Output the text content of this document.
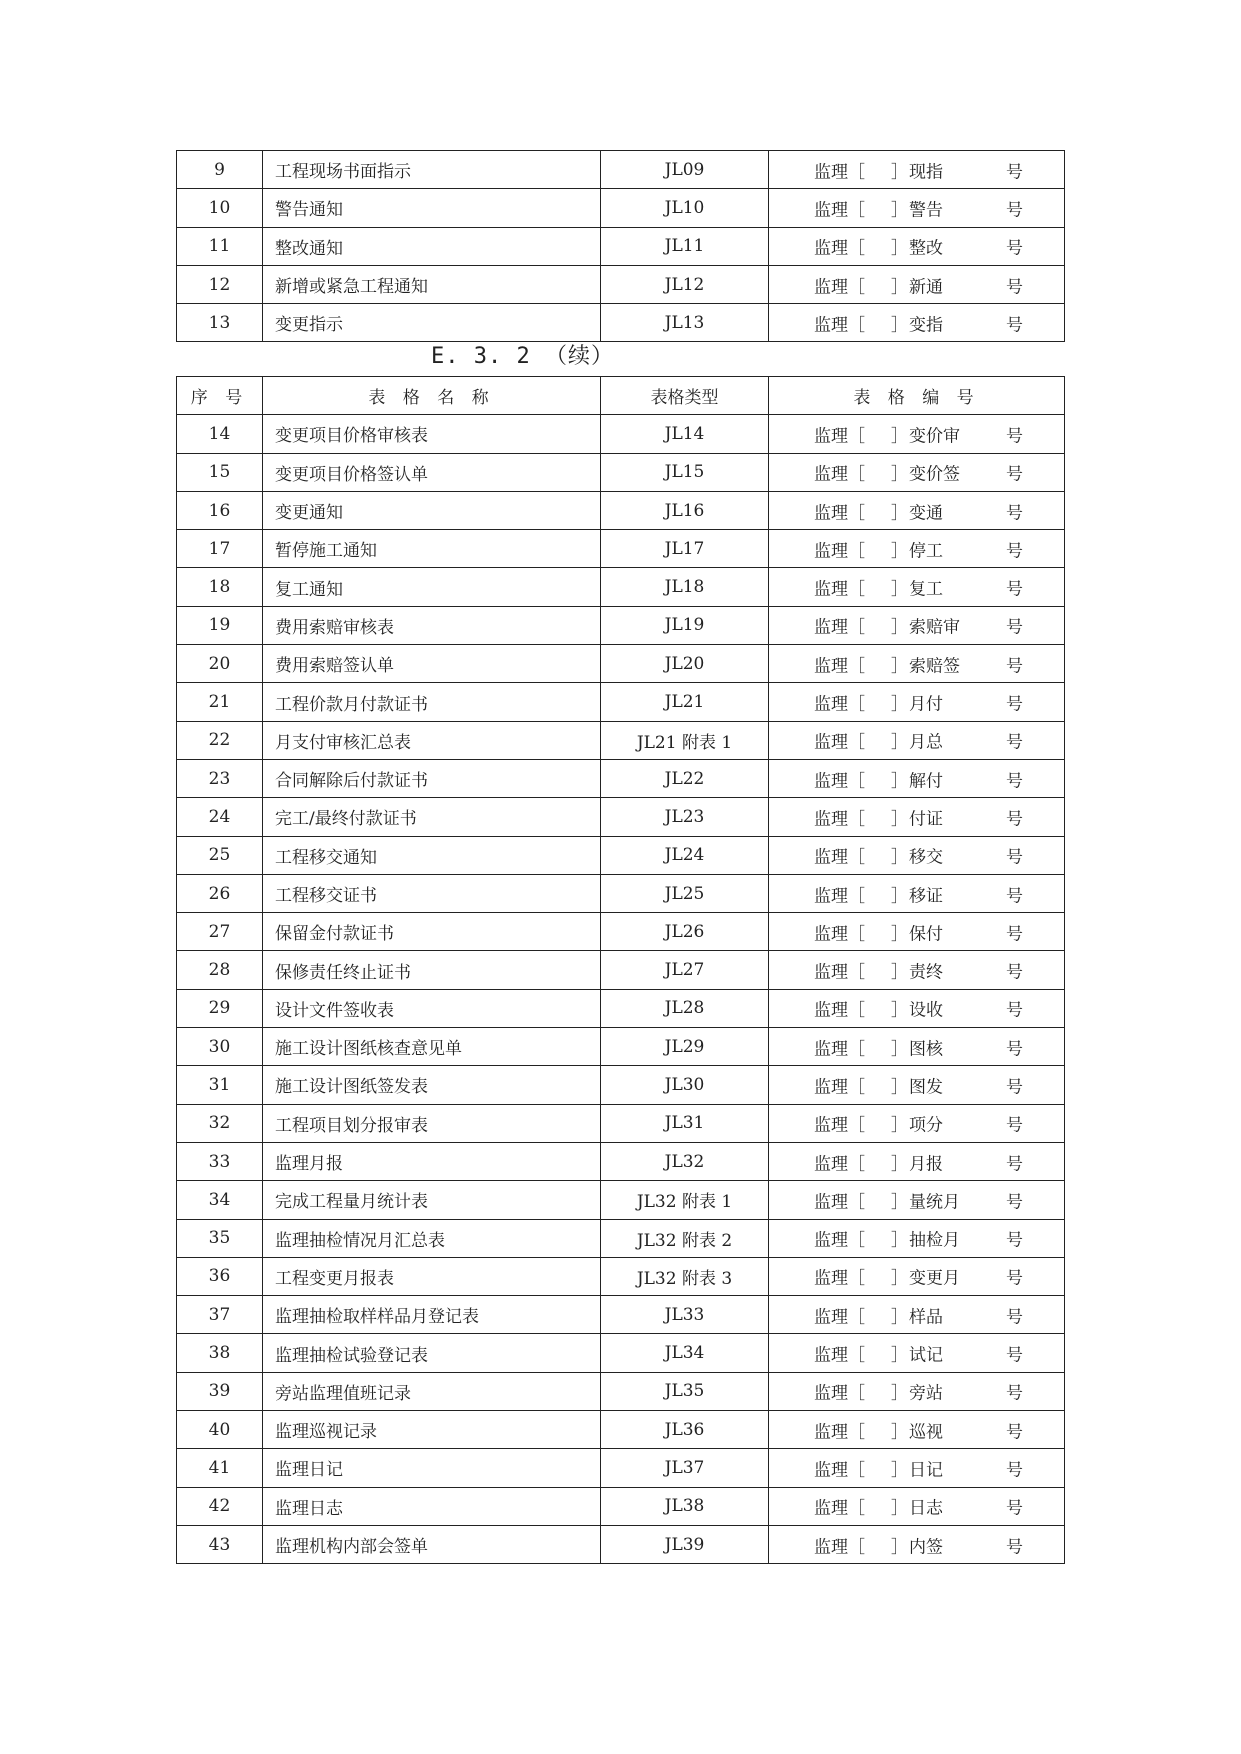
9	工程现场书面指示	JL09	监理［ ］ 现指 号

10	警告通知	JL10	监理［ ］ 警告 号

11	整改通知	JL11	监理［ ］ 整改 号

12	新增或紧急工程通知	JL12	监理［ ］ 新通 号

13	变更指示	JL13	监理［ ］ 变指 号
E. 3. 2 （续）
序 号	表 格 名 称	表格类型	表 格 编 号
14	变更项目价格审核表	JL14	监理［ ］ 变价审 号

15	变更项目价格签认单	JL15	监理［ ］ 变价签 号

16	变更通知	JL16	监理［ ］ 变通 号

17	暂停施工通知	JL17	监理［ ］ 停工 号

18	复工通知	JL18	监理［ ］ 复工 号

19	费用索赔审核表	JL19	监理［ ］ 索赔审 号

20	费用索赔签认单	JL20	监理［ ］ 索赔签 号

21	工程价款月付款证书	JL21	监理［ ］ 月付 号

22	月支付审核汇总表	JL21 附表 1	监理［ ］ 月总 号

23	合同解除后付款证书	JL22	监理［ ］ 解付 号

24	完工/最终付款证书	JL23	监理［ ］ 付证 号

25	工程移交通知	JL24	监理［ ］ 移交 号

26	工程移交证书	JL25	监理［ ］ 移证 号

27	保留金付款证书	JL26	监理［ ］ 保付 号

28	保修责任终止证书	JL27	监理［ ］ 责终 号

29	设计文件签收表	JL28	监理［ ］ 设收 号

30	施工设计图纸核查意见单	JL29	监理［ ］ 图核 号

31	施工设计图纸签发表	JL30	监理［ ］ 图发 号

32	工程项目划分报审表	JL31	监理［ ］ 项分 号

33	监理月报	JL32	监理［ ］ 月报 号

34	完成工程量月统计表	JL32 附表 1	监理［ ］ 量统月 号

35	监理抽检情况月汇总表	JL32 附表 2	监理［ ］ 抽检月 号

36	工程变更月报表	JL32 附表 3	监理［ ］ 变更月 号

37	监理抽检取样样品月登记表	JL33	监理［ ］ 样品 号

38	监理抽检试验登记表	JL34	监理［ ］ 试记 号

39	旁站监理值班记录	JL35	监理［ ］ 旁站 号

40	监理巡视记录	JL36	监理［ ］ 巡视 号

41	监理日记	JL37	监理［ ］ 日记 号

42	监理日志	JL38	监理［ ］ 日志 号

43	监理机构内部会签单	JL39	监理［ ］ 内签 号
